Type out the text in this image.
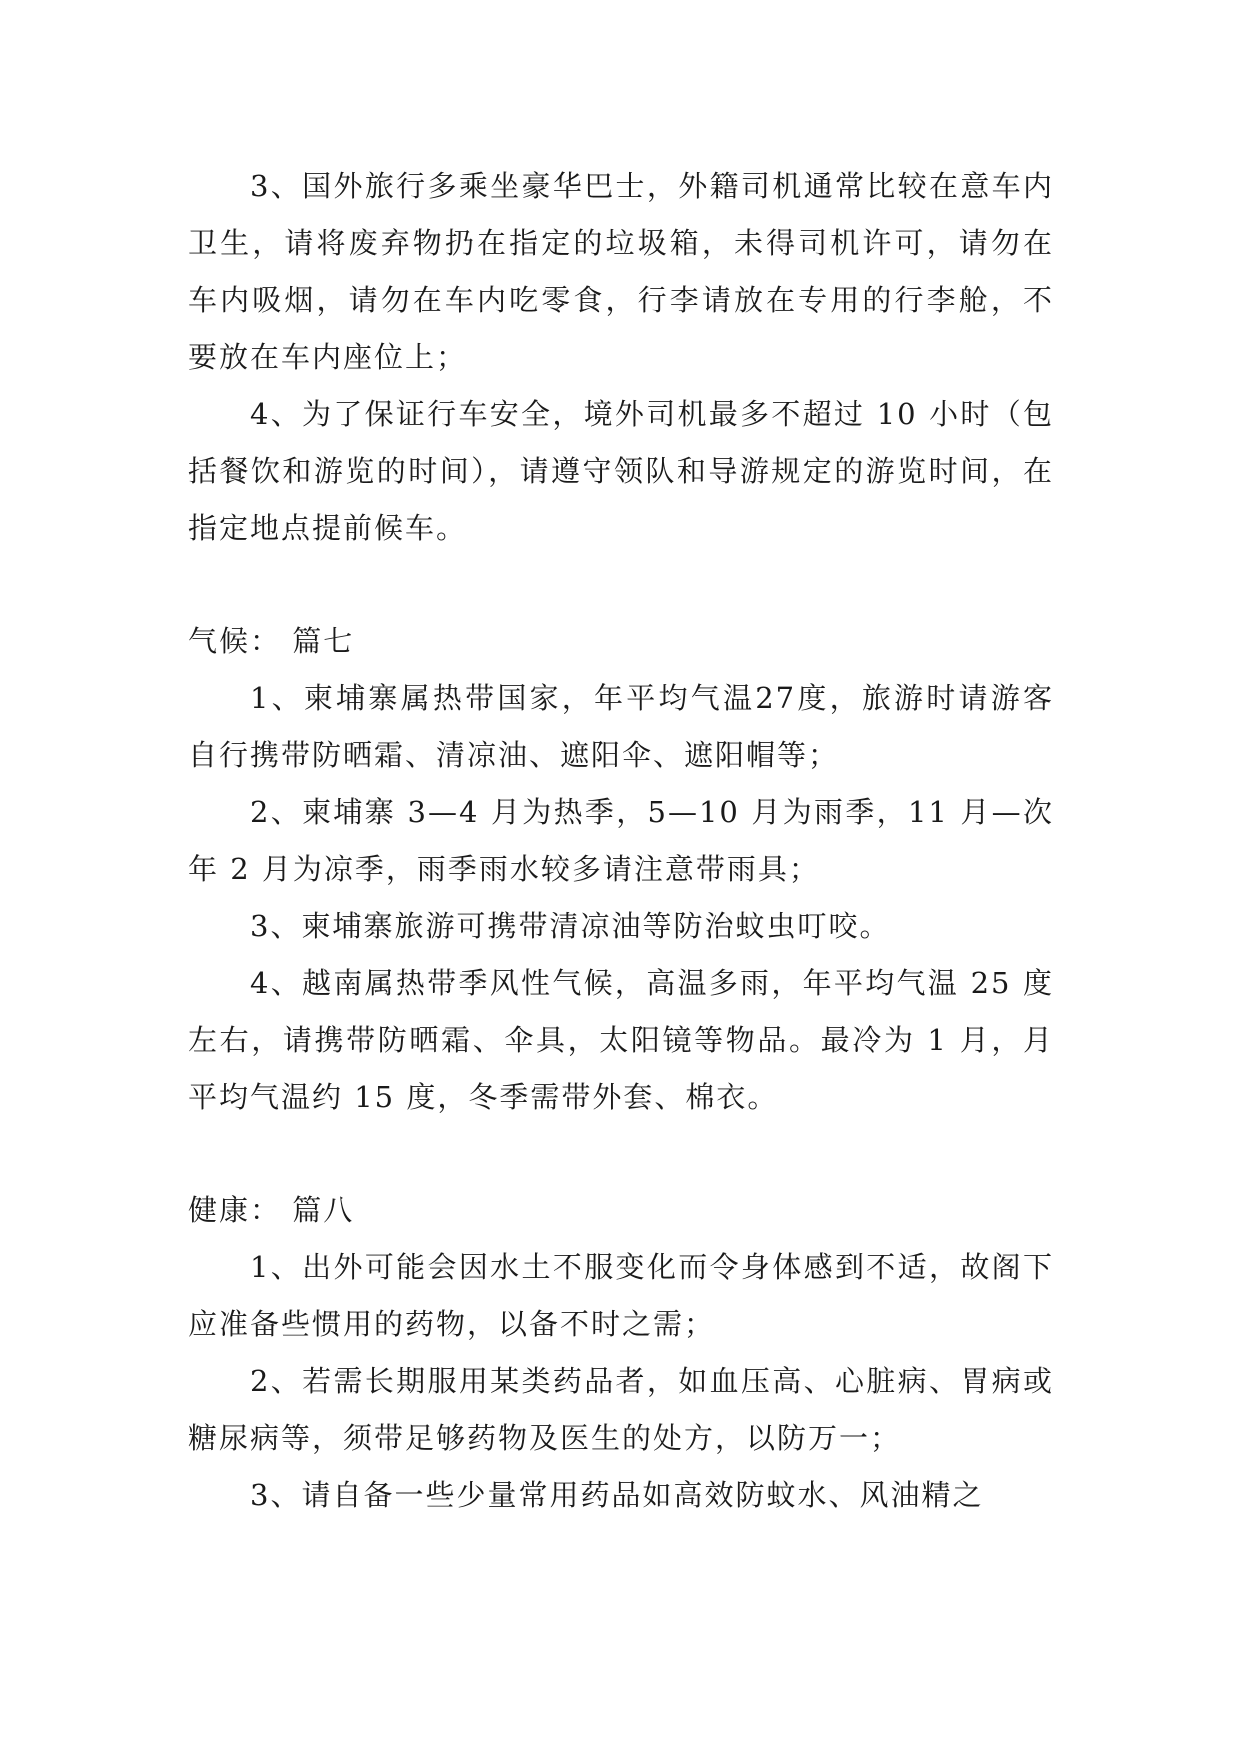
3、国外旅行多乘坐豪华巴士，外籍司机通常比较在意车内卫生，请将废弃物扔在指定的垃圾箱，未得司机许可，请勿在车内吸烟，请勿在车内吃零食，行李请放在专用的行李舱，不要放在车内座位上；

4、为了保证行车安全，境外司机最多不超过 10 小时（包括餐饮和游览的时间），请遵守领队和导游规定的游览时间，在指定地点提前候车。

气候： 篇七

1、柬埔寨属热带国家，年平均气温27度，旅游时请游客自行携带防晒霜、清凉油、遮阳伞、遮阳帽等；

2、柬埔寨 3—4 月为热季，5—10 月为雨季，11 月—次年 2 月为凉季，雨季雨水较多请注意带雨具；

3、柬埔寨旅游可携带清凉油等防治蚊虫叮咬。

4、越南属热带季风性气候，高温多雨，年平均气温 25 度左右，请携带防晒霜、伞具，太阳镜等物品。最冷为 1 月，月平均气温约 15 度，冬季需带外套、棉衣。

健康： 篇八

1、出外可能会因水土不服变化而令身体感到不适，故阁下应准备些惯用的药物，以备不时之需；

2、若需长期服用某类药品者，如血压高、心脏病、胃病或糖尿病等，须带足够药物及医生的处方，以防万一；

3、请自备一些少量常用药品如高效防蚊水、风油精之
